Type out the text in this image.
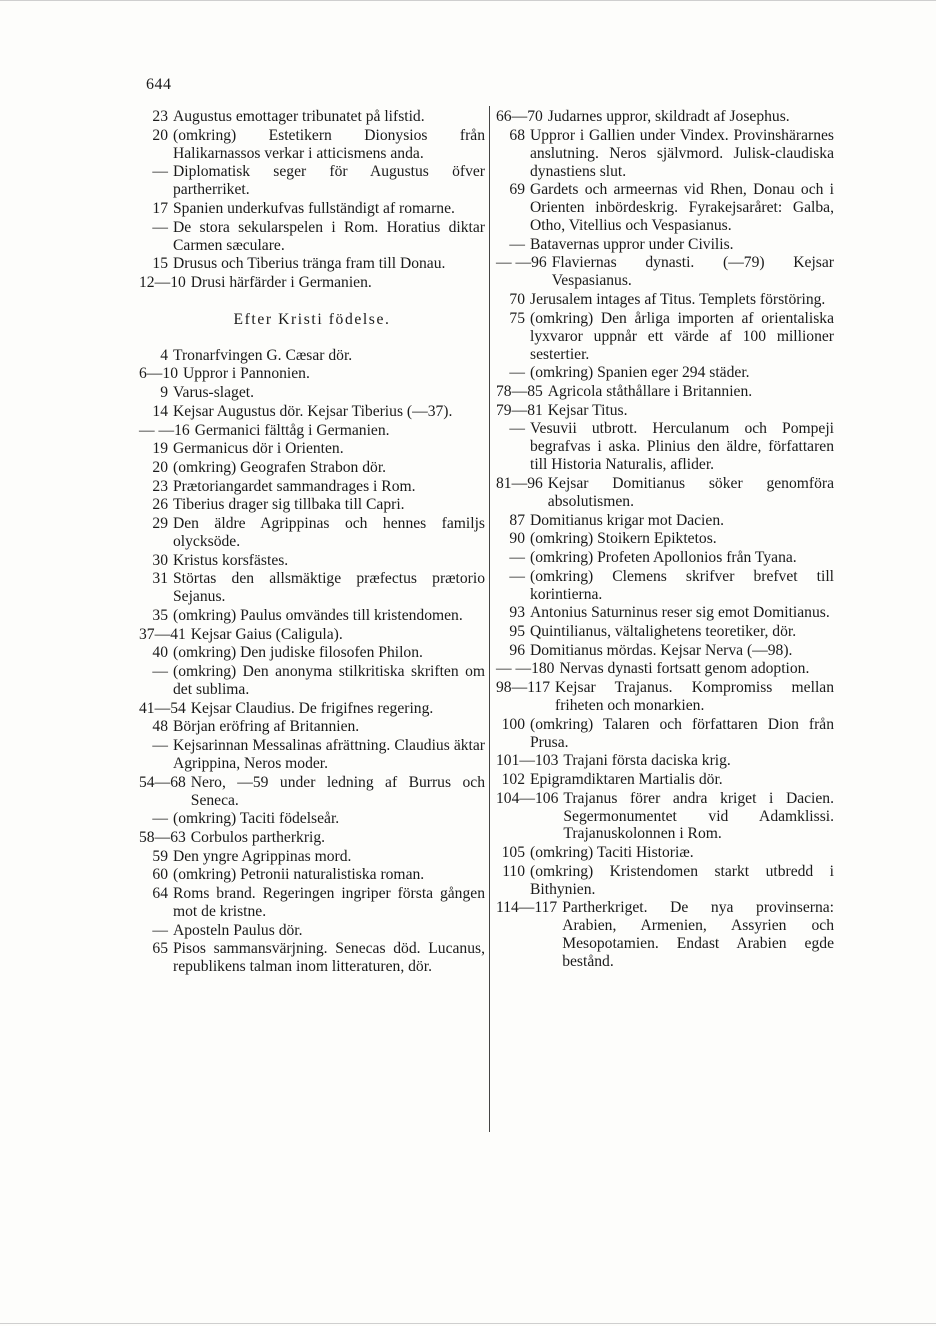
644
23 Augustus emottager tribunatet på lifstid.
20 (omkring) Estetikern Dionysios från Halikarnassos verkar i atticismens anda.
— Diplomatisk seger för Augustus öfver partherriket.
17 Spanien underkufvas fullständigt af romarne.
— De stora sekularspelen i Rom. Horatius diktar Carmen sæculare.
15 Drusus och Tiberius tränga fram till Donau.
12—10 Drusi härfärder i Germanien.
Efter Kristi födelse.
4 Tronarfvingen G. Cæsar dör.
6—10 Uppror i Pannonien.
9 Varus-slaget.
14 Kejsar Augustus dör. Kejsar Tiberius (—37).
— —16 Germanici fälttåg i Germanien.
19 Germanicus dör i Orienten.
20 (omkring) Geografen Strabon dör.
23 Prætoriangardet sammandrages i Rom.
26 Tiberius drager sig tillbaka till Capri.
29 Den äldre Agrippinas och hennes familjs olycksöde.
30 Kristus korsfästes.
31 Störtas den allsmäktige præfectus prætorio Sejanus.
35 (omkring) Paulus omvändes till kristendomen.
37—41 Kejsar Gaius (Caligula).
40 (omkring) Den judiske filosofen Philon.
— (omkring) Den anonyma stilkritiska skriften om det sublima.
41—54 Kejsar Claudius. De frigifnes regering.
48 Början eröfring af Britannien.
— Kejsarinnan Messalinas afrättning. Claudius äktar Agrippina, Neros moder.
54—68 Nero, —59 under ledning af Burrus och Seneca.
— (omkring) Taciti födelseår.
58—63 Corbulos partherkrig.
59 Den yngre Agrippinas mord.
60 (omkring) Petronii naturalistiska roman.
64 Roms brand. Regeringen ingriper första gången mot de kristne.
— Aposteln Paulus dör.
65 Pisos sammansvärjning. Senecas död. Lucanus, republikens talman inom litteraturen, dör.
66—70 Judarnes uppror, skildradt af Josephus.
68 Uppror i Gallien under Vindex. Provinshärarnes anslutning. Neros självmord. Julisk-claudiska dynastiens slut.
69 Gardets och armeernas vid Rhen, Donau och i Orienten inbördeskrig. Fyrakejsaråret: Galba, Otho, Vitellius och Vespasianus.
— Batavernas uppror under Civilis.
— —96 Flaviernas dynasti. (—79) Kejsar Vespasianus.
70 Jerusalem intages af Titus. Templets förstöring.
75 (omkring) Den årliga importen af orientaliska lyxvaror uppnår ett värde af 100 millioner sestertier.
— (omkring) Spanien eger 294 städer.
78—85 Agricola ståthållare i Britannien.
79—81 Kejsar Titus.
— Vesuvii utbrott. Herculanum och Pompeji begrafvas i aska. Plinius den äldre, författaren till Historia Naturalis, aflider.
81—96 Kejsar Domitianus söker genomföra absolutismen.
87 Domitianus krigar mot Dacien.
90 (omkring) Stoikern Epiktetos.
— (omkring) Profeten Apollonios från Tyana.
— (omkring) Clemens skrifver brefvet till korintierna.
93 Antonius Saturninus reser sig emot Domitianus.
95 Quintilianus, vältalighetens teoretiker, dör.
96 Domitianus mördas. Kejsar Nerva (—98).
— —180 Nervas dynasti fortsatt genom adoption.
98—117 Kejsar Trajanus. Kompromiss mellan friheten och monarkien.
100 (omkring) Talaren och författaren Dion från Prusa.
101—103 Trajani första daciska krig.
102 Epigramdiktaren Martialis dör.
104—106 Trajanus förer andra kriget i Dacien. Segermonumentet vid Adamklissi. Trajanuskolonnen i Rom.
105 (omkring) Taciti Historiæ.
110 (omkring) Kristendomen starkt utbredd i Bithynien.
114—117 Partherkriget. De nya provinserna: Arabien, Armenien, Assyrien och Mesopotamien. Endast Arabien egde bestånd.
